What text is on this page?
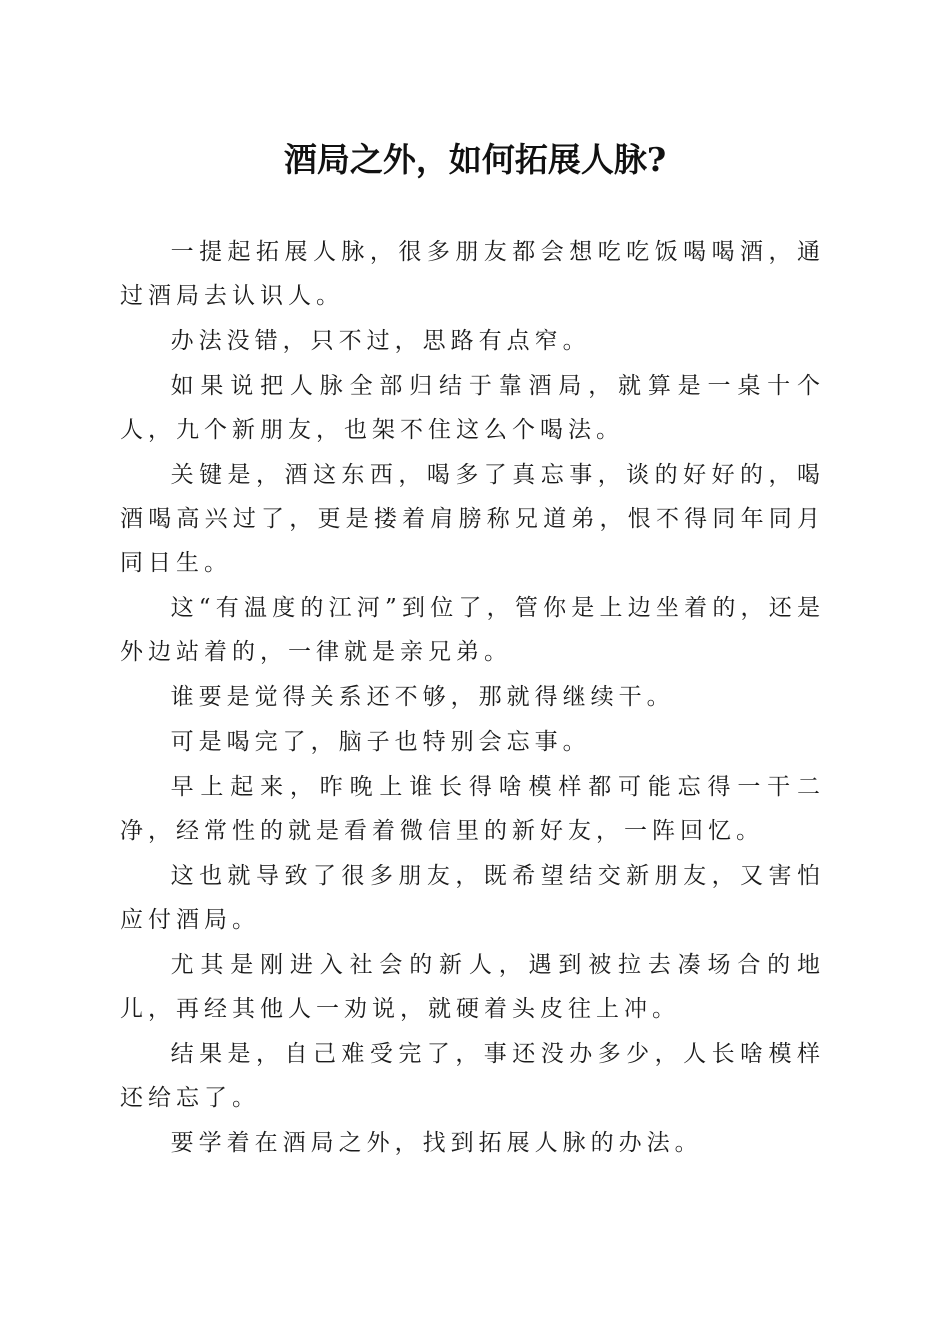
酒局之外，如何拓展人脉?

一提起拓展人脉，很多朋友都会想吃吃饭喝喝酒，通过酒局去认识人。

办法没错，只不过，思路有点窄。

如果说把人脉全部归结于靠酒局，就算是一桌十个人，九个新朋友，也架不住这么个喝法。

关键是，酒这东西，喝多了真忘事，谈的好好的，喝酒喝高兴过了，更是搂着肩膀称兄道弟，恨不得同年同月同日生。

这“有温度的江河”到位了，管你是上边坐着的，还是外边站着的，一律就是亲兄弟。

谁要是觉得关系还不够，那就得继续干。

可是喝完了，脑子也特别会忘事。

早上起来，昨晚上谁长得啥模样都可能忘得一干二净，经常性的就是看着微信里的新好友，一阵回忆。

这也就导致了很多朋友，既希望结交新朋友，又害怕应付酒局。

尤其是刚进入社会的新人，遇到被拉去凑场合的地儿，再经其他人一劝说，就硬着头皮往上冲。

结果是，自己难受完了，事还没办多少，人长啥模样还给忘了。

要学着在酒局之外，找到拓展人脉的办法。
